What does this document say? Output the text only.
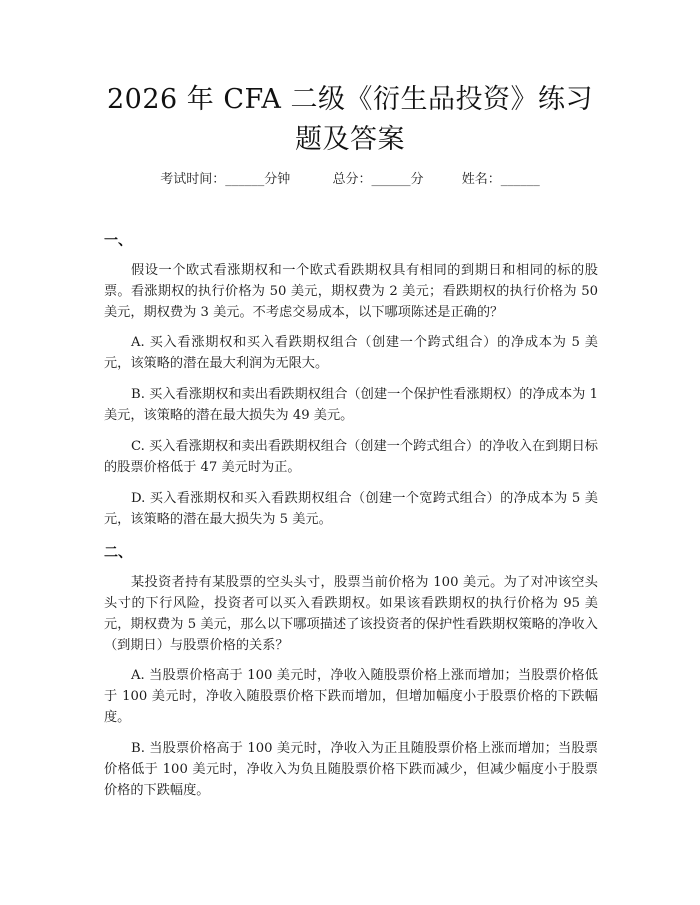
2026 年 CFA 二级《衍生品投资》练习题及答案
考试时间：______分钟	总分：______分	姓名：______
一、
假设一个欧式看涨期权和一个欧式看跌期权具有相同的到期日和相同的标的股票。看涨期权的执行价格为 50 美元，期权费为 2 美元；看跌期权的执行价格为 50 美元，期权费为 3 美元。不考虑交易成本，以下哪项陈述是正确的？
A. 买入看涨期权和买入看跌期权组合（创建一个跨式组合）的净成本为 5 美元，该策略的潜在最大利润为无限大。
B. 买入看涨期权和卖出看跌期权组合（创建一个保护性看涨期权）的净成本为 1 美元，该策略的潜在最大损失为 49 美元。
C. 买入看涨期权和卖出看跌期权组合（创建一个跨式组合）的净收入在到期日标的股票价格低于 47 美元时为正。
D. 买入看涨期权和买入看跌期权组合（创建一个宽跨式组合）的净成本为 5 美元，该策略的潜在最大损失为 5 美元。
二、
某投资者持有某股票的空头头寸，股票当前价格为 100 美元。为了对冲该空头头寸的下行风险，投资者可以买入看跌期权。如果该看跌期权的执行价格为 95 美元，期权费为 5 美元，那么以下哪项描述了该投资者的保护性看跌期权策略的净收入（到期日）与股票价格的关系？
A. 当股票价格高于 100 美元时，净收入随股票价格上涨而增加；当股票价格低于 100 美元时，净收入随股票价格下跌而增加，但增加幅度小于股票价格的下跌幅度。
B. 当股票价格高于 100 美元时，净收入为正且随股票价格上涨而增加；当股票价格低于 100 美元时，净收入为负且随股票价格下跌而减少，但减少幅度小于股票价格的下跌幅度。
